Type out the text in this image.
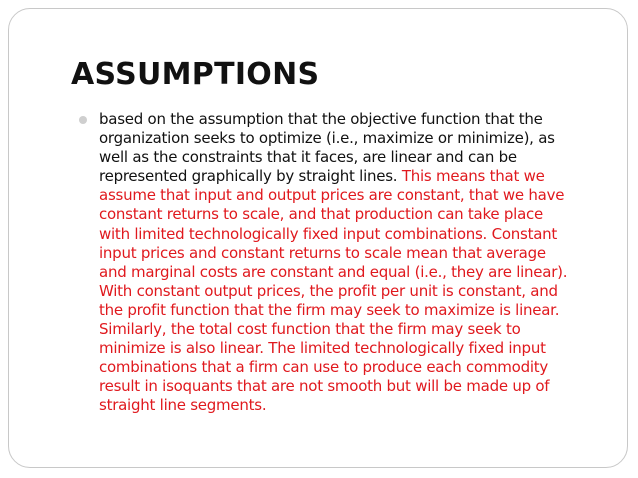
ASSUMPTIONS

based on the assumption that the objective function that the
organization seeks to optimize (i.e., maximize or minimize), as
well as the constraints that it faces, are linear and can be
represented graphically by straight lines. This means that we
assume that input and output prices are constant, that we have
constant returns to scale, and that production can take place
with limited technologically fixed input combinations. Constant
input prices and constant returns to scale mean that average
and marginal costs are constant and equal (i.e., they are linear).
With constant output prices, the profit per unit is constant, and
the profit function that the firm may seek to maximize is linear.
Similarly, the total cost function that the firm may seek to
minimize is also linear. The limited technologically fixed input
combinations that a firm can use to produce each commodity
result in isoquants that are not smooth but will be made up of
straight line segments.
